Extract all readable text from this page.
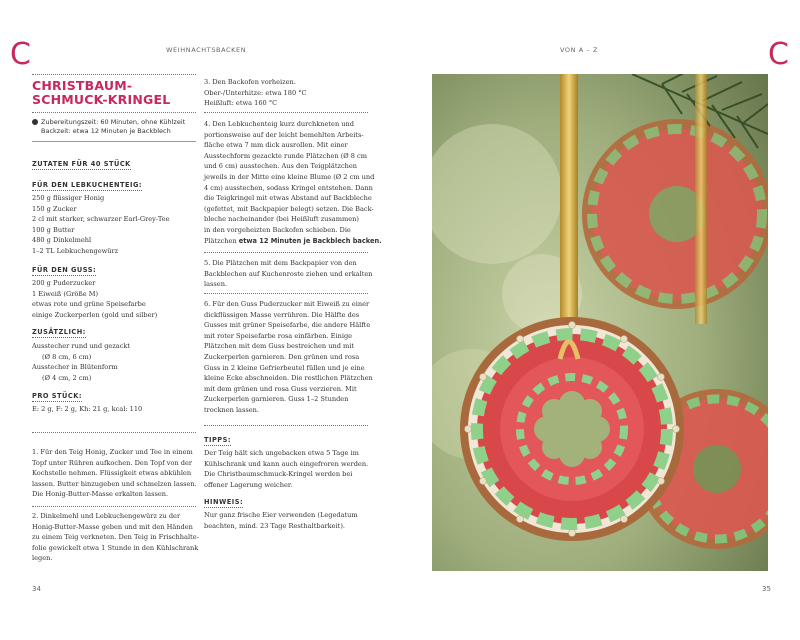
C	WEIHNACHTSBACKEN	VON A – Z	C
CHRISTBAUM-
SCHMUCK-KRINGEL
Zubereitungszeit: 60 Minuten, ohne Kühlzeit
Backzeit: etwa 12 Minuten je Backblech
ZUTATEN FÜR 40 STÜCK
FÜR DEN LEBKUCHENTEIG:
250 g flüssiger Honig
150 g Zucker
2 cl mit starker, schwarzer Earl-Grey-Tee
100 g Butter
480 g Dinkelmehl
1–2 TL Lebkuchengewürz
FÜR DEN GUSS:
200 g Puderzucker
1 Eiweiß (Größe M)
etwas rote und grüne Speisefarbe
einige Zuckerperlen (gold und silber)
ZUSÄTZLICH:
Ausstecher rund und gezackt
(Ø 8 cm, 6 cm)
Ausstecher in Blütenform
(Ø 4 cm, 2 cm)
PRO STÜCK:
E: 2 g, F: 2 g, Kh: 21 g, kcal: 110
1. Für den Teig Honig, Zucker und Tee in einem
Topf unter Rühren aufkochen. Den Topf von der
Kochstelle nehmen. Flüssigkeit etwas abkühlen
lassen. Butter hinzugeben und schmelzen lassen.
Die Honig-Butter-Masse erkalten lassen.
2. Dinkelmehl und Lebkuchengewürz zu der
Honig-Butter-Masse geben und mit den Händen
zu einem Teig verkneten. Den Teig in Frischhalte-
folie gewickelt etwa 1 Stunde in den Kühlschrank
legen.
34
3. Den Backofen vorheizen.
Ober-/Unterhitze: etwa 180 °C
Heißluft: etwa 160 °C
4. Den Lebkuchenteig kurz durchkneten und
portionsweise auf der leicht bemehlten Arbeits-
fläche etwa 7 mm dick ausrollen. Mit einer
Ausstechform gezackte runde Plätzchen (Ø 8 cm
und 6 cm) ausstechen. Aus den Teigplätzchen
jeweils in der Mitte eine kleine Blume (Ø 2 cm und
4 cm) ausstechen, sodass Kringel entstehen. Dann
die Teigkringel mit etwas Abstand auf Backbleche
(gefettet, mit Backpapier belegt) setzen. Die Back-
bleche nacheinander (bei Heißluft zusammen)
in den vorgeheizten Backofen schieben. Die
Plätzchen etwa 12 Minuten je Backblech backen.
5. Die Plätzchen mit dem Backpapier von den
Backblechen auf Kuchenroste ziehen und erkalten
lassen.
6. Für den Guss Puderzucker mit Eiweiß zu einer
dickflüssigen Masse verrühren. Die Hälfte des
Gusses mit grüner Speisefarbe, die andere Hälfte
mit roter Speisefarbe rosa einfärben. Einige
Plätzchen mit dem Guss bestreichen und mit
Zuckerperlen garnieren. Den grünen und rosa
Guss in 2 kleine Gefrierbeutel füllen und je eine
kleine Ecke abschneiden. Die restlichen Plätzchen
mit dem grünen und rosa Guss verzieren. Mit
Zuckerperlen garnieren. Guss 1–2 Stunden
trocknen lassen.
TIPPS:
Der Teig hält sich ungebacken etwa 5 Tage im
Kühlschrank und kann auch eingefroren werden.
Die Christbaumschmuck-Kringel werden bei
offener Lagerung weicher.
HINWEIS:
Nur ganz frische Eier verwenden (Legedatum
beachten, mind. 23 Tage Resthaltbarkeit).
35
